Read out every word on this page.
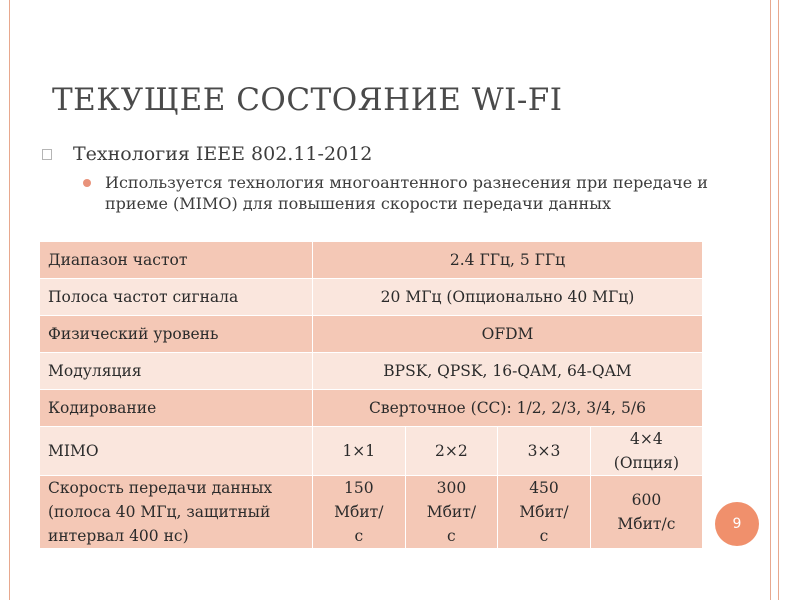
ТЕКУЩЕЕ СОСТОЯНИЕ WI-FI
Технология IEEE 802.11-2012
Используется технология многоантенного разнесения при передаче и приеме (MIMO) для повышения скорости передачи данных
Диапазон частот	2.4 ГГц, 5 ГГц			
Полоса частот сигнала	20 МГц (Опционально 40 МГц)			
Физический уровень	OFDM			
Модуляция	BPSK, QPSK, 16-QAM, 64-QAM			
Кодирование	Сверточное (CC): 1/2, 2/3, 3/4, 5/6			
MIMO	1×1	2×2	3×3	4×4 (Опция)
Скорость передачи данных (полоса 40 МГц, защитный интервал 400 нс)	150 Мбит/с	300 Мбит/с	450 Мбит/с	600 Мбит/с	9
